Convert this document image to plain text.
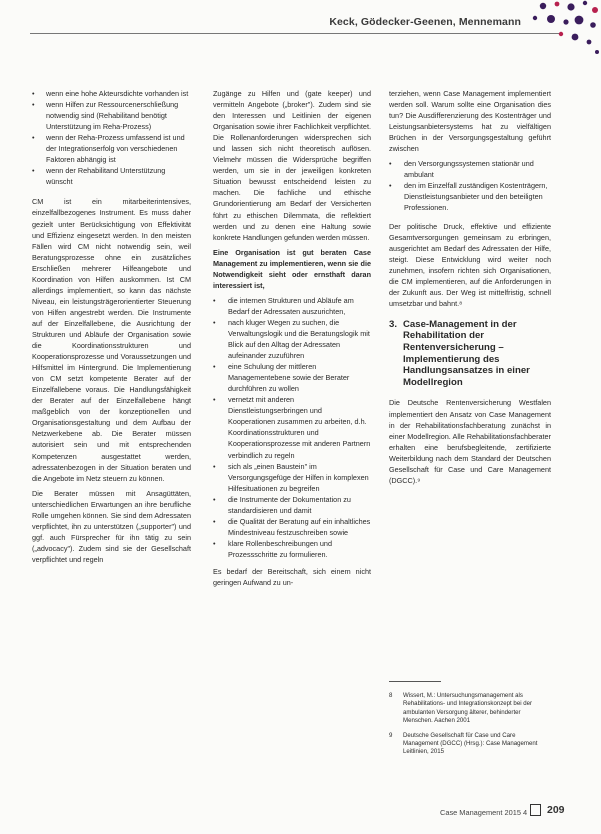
Keck, Gödecker-Geenen, Mennemann
• wenn eine hohe Akteursdichte vorhanden ist
• wenn Hilfen zur Ressourcenerschließung notwendig sind (Rehabilitand benötigt Unterstützung im Reha-Prozess)
• wenn der Reha-Prozess umfassend ist und der Integrationserfolg von verschiedenen Faktoren abhängig ist
• wenn der Rehabilitand Unterstützung wünscht

CM ist ein mitarbeiterintensives, einzelfallbezogenes Instrument. Es muss daher gezielt unter Berücksichtigung von Effektivität und Effizienz eingesetzt werden. In den meisten Fällen wird CM nicht notwendig sein, weil Beratungsprozesse ohne ein zusätzliches Erschließen mehrerer Hilfeangebote und Koordination von Hilfen auskommen. Ist CM allerdings implementiert, so kann das nächste Niveau, ein leistungsträgerorientierter Steuerung von Hilfen angestrebt werden. Die Instrumente auf der Einzelfallebene, die Ausrichtung der Strukturen und Abläufe der Organisation sowie die Koordinationsstrukturen und Kooperationsprozesse und Voraussetzungen und Hilfsmittel im Hintergrund. Die Implementierung von CM setzt kompetente Berater auf der Einzelfallebene voraus. Die Handlungsfähigkeit der Berater auf der Einzelfallebene hängt maßgeblich von der konzeptionellen und Organisationsgestaltung und dem Aufbau der Netzwerkebene ab. Die Berater müssen autorisiert sein und mit entsprechenden Kompetenzen ausgestattet werden, adressatenbezogen in der Situation beraten und die Angebote im Netz steuern zu können.

Die Berater müssen mit Ansagüttäten, unterschiedlichen Erwartungen an ihre berufliche Rolle umgehen können. Sie sind dem Adressaten verpflichtet, ihn zu unterstützen („supporter") und ggf. auch Fürsprecher für ihn tätig zu sein („advocacy"). Zudem sind sie der Gesellschaft verpflichtet und regeln

Zugänge zu Hilfen und (gate keeper) und vermitteln Angebote („broker"). Zudem sind sie den Interessen und Leitlinien der eigenen Organisation sowie ihrer Fachlichkeit verpflichtet. Die Rollenanforderungen widersprechen sich und lassen sich nicht theoretisch auflösen. Vielmehr müssen die Widersprüche begriffen werden, um sie in der jeweiligen konkreten Situation bewusst entscheidend leisten zu machen. Die fachliche und ethische Grundorientierung am Bedarf der Versicherten führt zu ethischen Dilemmata, die reflektiert werden und zu denen eine Haltung sowie konkrete Handlungen gefunden werden müssen.

Eine Organisation ist gut beraten Case Management zu implementieren, wenn sie die Notwendigkeit sieht oder ernsthaft daran interessiert ist,

• die internen Strukturen und Abläufe am Bedarf der Adressaten auszurichten,
• nach kluger Wegen zu suchen, die Verwaltungslogik und die Beratungslogik mit Blick auf den Alltag der Adressaten aufeinander zuzuführen
• eine Schulung der mittleren Managementebene sowie der Berater durchführen zu wollen
• vernetzt mit anderen Dienstleistungserbringen und Kooperationen zusammen zu arbeiten, d.h. Koordinationsstrukturen und Kooperationsprozesse mit anderen Partnern verbindlich zu regeln
• sich als „einen Baustein" im Versorgungsgefüge der Hilfen in komplexen Hilfesituationen zu begreifen
• die Instrumente der Dokumentation zu standardisieren und damit
• die Qualität der Beratung auf ein inhaltliches Mindestniveau festzuschreiben sowie
• klare Rollenbeschreibungen und Prozessschritte zu formulieren.

Es bedarf der Bereitschaft, sich einem nicht geringen Aufwand zu un-

terziehen, wenn Case Management implementiert werden soll. Warum sollte eine Organisation dies tun? Die Ausdifferenzierung des Kostenträger und Leistungsanbietersystems hat zu vielfältigen Brüchen in der Versorgungsgestaltung geführt zwischen

• den Versorgungssystemen stationär und ambulant
• den im Einzelfall zuständigen Kostenträgern, Dienstleistungsanbieter und den beteiligten Professionen.

Der politische Druck, effektive und effiziente Gesamtversorgungen gemeinsam zu erbringen, ausgerichtet am Bedarf des Adressaten der Hilfe, steigt. Diese Entwicklung wird weiter noch zunehmen, insofern richten sich Organisationen, die CM implementieren, auf die Anforderungen in der Zukunft aus. Der Weg ist mittelfristig, schnell umsetzbar und bahnt.⁸

3. Case-Management in der Rehabilitation der Rentenversicherung – Implementierung des Handlungsansatzes in einer Modellregion

Die Deutsche Rentenversicherung Westfalen implementiert den Ansatz von Case Management in der Rehabilitationsfachberatung zunächst in einer Modellregion. Alle Rehabilitationsfachberater erhalten eine berufsbegleitende, zertifizierte Weiterbildung nach dem Standard der Deutschen Gesellschaft für Case und Care Management (DGCC).⁹

8 Wissert, M.: Untersuchungsmanagement als Rehabilitations- und Integrationskonzept bei der ambulanten Versorgung älterer, behinderter Menschen. Aachen 2001
9 Deutsche Gesellschaft für Case und Care Management (DGCC) (Hrsg.): Case Management Leitlinien, 2015
Case Management 2015 4 209
